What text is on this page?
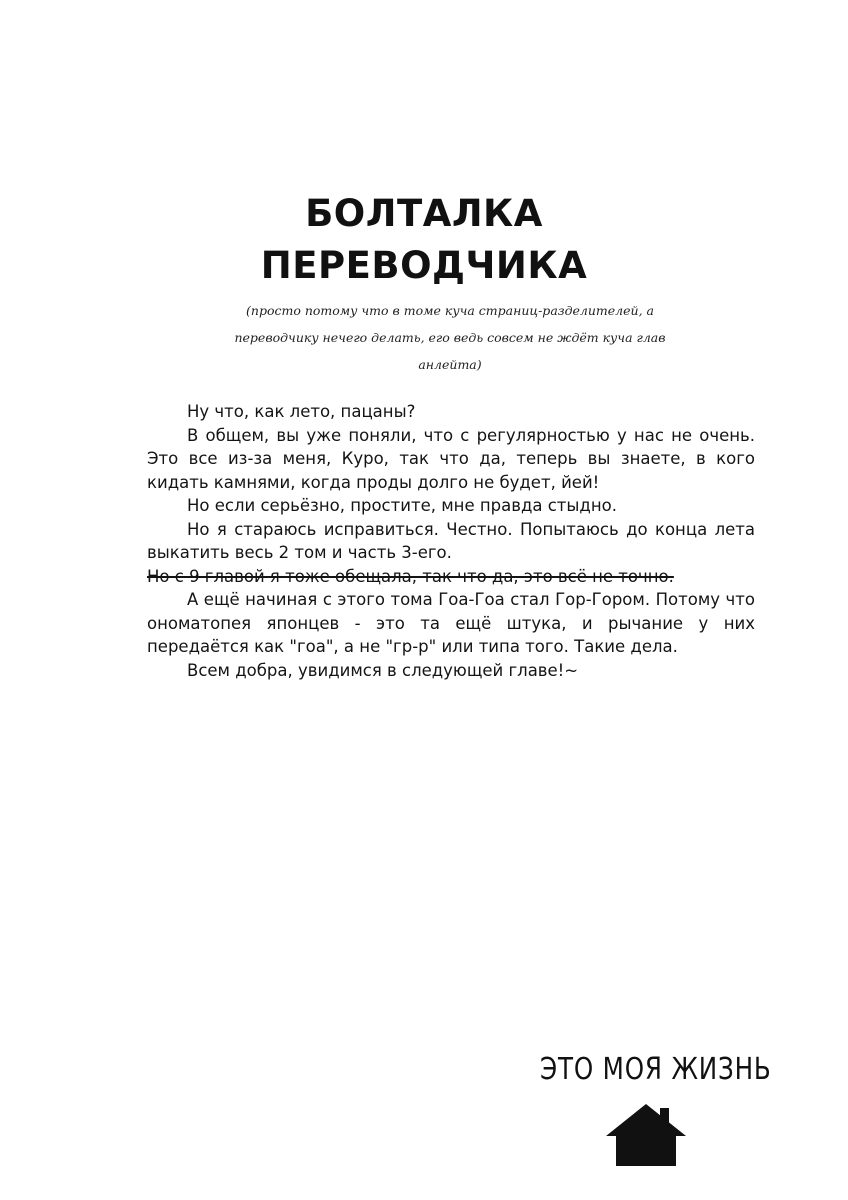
БОЛТАЛКА
ПЕРЕВОДЧИКА
(просто потому что в томе куча страниц-разделителей, а переводчику нечего делать, его ведь совсем не ждёт куча глав анлейта)

Ну что, как лето, пацаны?

В общем, вы уже поняли, что с регулярностью у нас не очень. Это все из-за меня, Куро, так что да, теперь вы знаете, в кого кидать камнями, когда проды долго не будет, йей!

Но если серьёзно, простите, мне правда стыдно.

Но я стараюсь исправиться. Честно. Попытаюсь до конца лета выкатить весь 2 том и часть 3-его.

Но с 9 главой я тоже обещала, так что да, это всё не точно.

А ещё начиная с этого тома Гоа-Гоа стал Гор-Гором. Потому что ономатопея японцев - это та ещё штука, и рычание у них передаётся как "гоа", а не "гр-р" или типа того. Такие дела.

Всем добра, увидимся в следующей главе!~

ЭТО МОЯ ЖИЗНЬ
